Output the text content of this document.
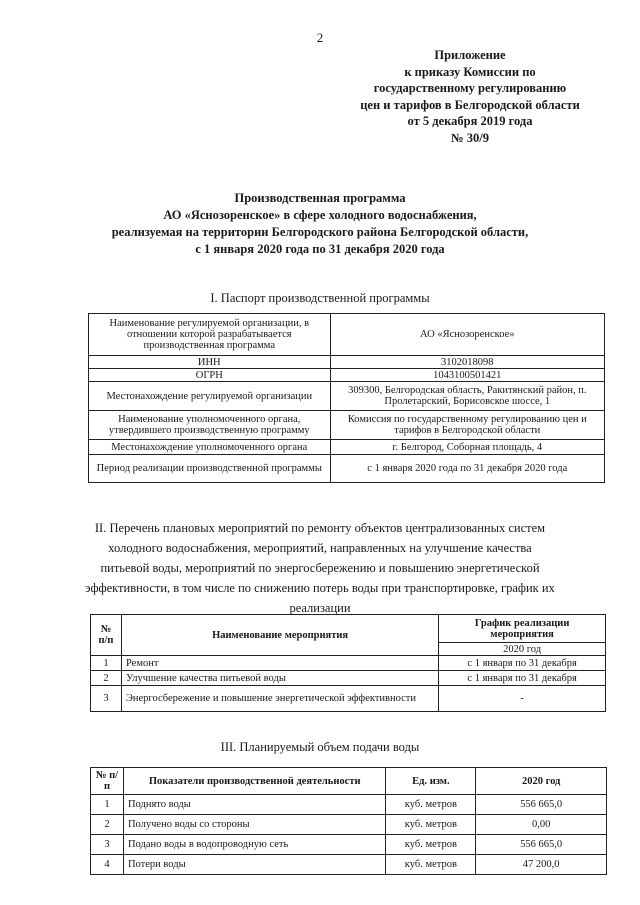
2
Приложение
к приказу Комиссии по
государственному регулированию
цен и тарифов в Белгородской области
от 5 декабря 2019 года
№ 30/9
Производственная программа
АО «Яснозоренское» в сфере холодного водоснабжения,
реализуемая на территории Белгородского района Белгородской области,
с 1 января 2020 года по 31 декабря 2020 года
I. Паспорт производственной программы
Наименование регулируемой организации, в отношении которой разрабатывается производственная программа	АО «Яснозоренское»
ИНН	3102018098
ОГРН	1043100501421
Местонахождение регулируемой организации	309300, Белгородская область, Ракитянский район, п. Пролетарский, Борисовское шоссе, 1
Наименование уполномоченного органа, утвердившего производственную программу	Комиссия по государственному регулированию цен и тарифов в Белгородской области
Местонахождение уполномоченного органа	г. Белгород, Соборная площадь, 4
Период реализации производственной программы	с 1 января 2020 года по 31 декабря 2020 года
II. Перечень плановых мероприятий по ремонту объектов централизованных систем холодного водоснабжения, мероприятий, направленных на улучшение качества питьевой воды, мероприятий по энергосбережению и повышению энергетической эффективности, в том числе по снижению потерь воды при транспортировке, график их реализации
№ п/п	Наименование мероприятия	График реализации мероприятия
		2020 год
1	Ремонт	с 1 января по 31 декабря
2	Улучшение качества питьевой воды	с 1 января по 31 декабря
3	Энергосбережение и повышение энергетической эффективности	-
III. Планируемый объем подачи воды
№ п/п	Показатели производственной деятельности	Ед. изм.	2020 год
1	Поднято воды	куб. метров	556 665,0
2	Получено воды со стороны	куб. метров	0,00
3	Подано воды в водопроводную сеть	куб. метров	556 665,0
4	Потери воды	куб. метров	47 200,0
